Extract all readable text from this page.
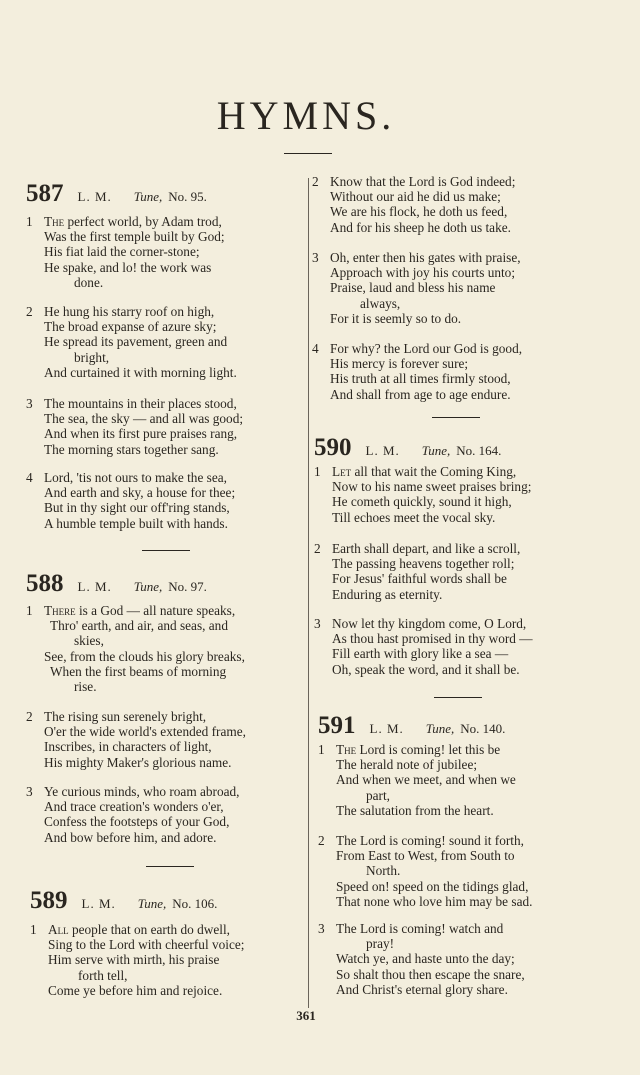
HYMNS.
587 L. M. Tune, No. 95.
1 The perfect world, by Adam trod,
Was the first temple built by God;
His fiat laid the corner-stone;
He spake, and lo! the work was
done.
2 He hung his starry roof on high,
The broad expanse of azure sky;
He spread its pavement, green and
bright,
And curtained it with morning light.
3 The mountains in their places stood,
The sea, the sky — and all was good;
And when its first pure praises rang,
The morning stars together sang.
4 Lord, 'tis not ours to make the sea,
And earth and sky, a house for thee;
But in thy sight our off'ring stands,
A humble temple built with hands.
588 L. M. Tune, No. 97.
1 There is a God — all nature speaks,
Thro' earth, and air, and seas, and
skies,
See, from the clouds his glory breaks,
When the first beams of morning
rise.
2 The rising sun serenely bright,
O'er the wide world's extended frame,
Inscribes, in characters of light,
His mighty Maker's glorious name.
3 Ye curious minds, who roam abroad,
And trace creation's wonders o'er,
Confess the footsteps of your God,
And bow before him, and adore.
589 L. M. Tune, No. 106.
1 All people that on earth do dwell,
Sing to the Lord with cheerful voice;
Him serve with mirth, his praise
forth tell,
Come ye before him and rejoice.
2 Know that the Lord is God indeed;
Without our aid he did us make;
We are his flock, he doth us feed,
And for his sheep he doth us take.
3 Oh, enter then his gates with praise,
Approach with joy his courts unto;
Praise, laud and bless his name
always,
For it is seemly so to do.
4 For why? the Lord our God is good,
His mercy is forever sure;
His truth at all times firmly stood,
And shall from age to age endure.
590 L. M. Tune, No. 164.
1 Let all that wait the Coming King,
Now to his name sweet praises bring;
He cometh quickly, sound it high,
Till echoes meet the vocal sky.
2 Earth shall depart, and like a scroll,
The passing heavens together roll;
For Jesus' faithful words shall be
Enduring as eternity.
3 Now let thy kingdom come, O Lord,
As thou hast promised in thy word —
Fill earth with glory like a sea —
Oh, speak the word, and it shall be.
591 L. M. Tune, No. 140.
1 The Lord is coming! let this be
The herald note of jubilee;
And when we meet, and when we
part,
The salutation from the heart.
2 The Lord is coming! sound it forth,
From East to West, from South to
North.
Speed on! speed on the tidings glad,
That none who love him may be sad.
3 The Lord is coming! watch and
pray!
Watch ye, and haste unto the day;
So shalt thou then escape the snare,
And Christ's eternal glory share.
361
